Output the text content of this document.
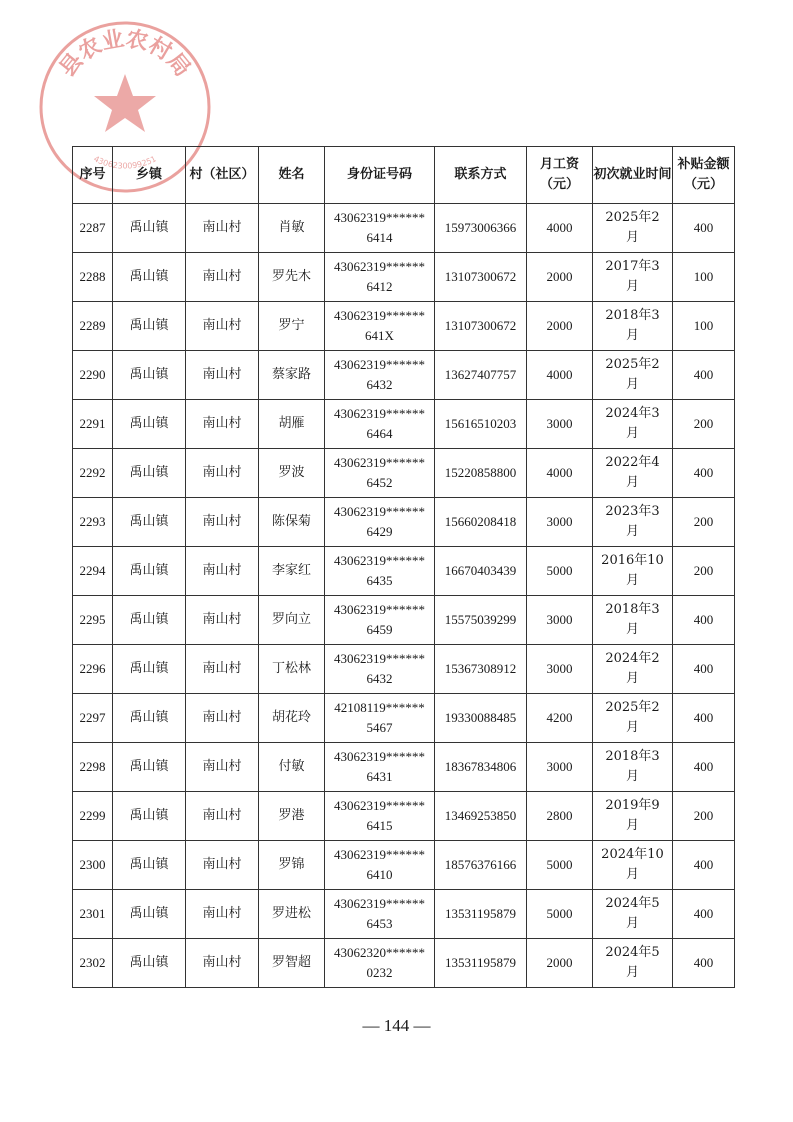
县农业农村局
4306230099251
序号	乡镇	村（社区）	姓名	身份证号码	联系方式	月工资（元）	初次就业时间	补贴金额（元）
2287	禹山镇	南山村	肖敏	43062319******6414	15973006366	4000	2025年2月	400
2288	禹山镇	南山村	罗先木	43062319******6412	13107300672	2000	2017年3月	100
2289	禹山镇	南山村	罗宁	43062319******641X	13107300672	2000	2018年3月	100
2290	禹山镇	南山村	蔡家路	43062319******6432	13627407757	4000	2025年2月	400
2291	禹山镇	南山村	胡雁	43062319******6464	15616510203	3000	2024年3月	200
2292	禹山镇	南山村	罗波	43062319******6452	15220858800	4000	2022年4月	400
2293	禹山镇	南山村	陈保菊	43062319******6429	15660208418	3000	2023年3月	200
2294	禹山镇	南山村	李家红	43062319******6435	16670403439	5000	2016年10月	200
2295	禹山镇	南山村	罗向立	43062319******6459	15575039299	3000	2018年3月	400
2296	禹山镇	南山村	丁松林	43062319******6432	15367308912	3000	2024年2月	400
2297	禹山镇	南山村	胡花玲	42108119******5467	19330088485	4200	2025年2月	400
2298	禹山镇	南山村	付敏	43062319******6431	18367834806	3000	2018年3月	400
2299	禹山镇	南山村	罗港	43062319******6415	13469253850	2800	2019年9月	200
2300	禹山镇	南山村	罗锦	43062319******6410	18576376166	5000	2024年10月	400
2301	禹山镇	南山村	罗进松	43062319******6453	13531195879	5000	2024年5月	400
2302	禹山镇	南山村	罗智超	43062320******0232	13531195879	2000	2024年5月	400
— 144 —
